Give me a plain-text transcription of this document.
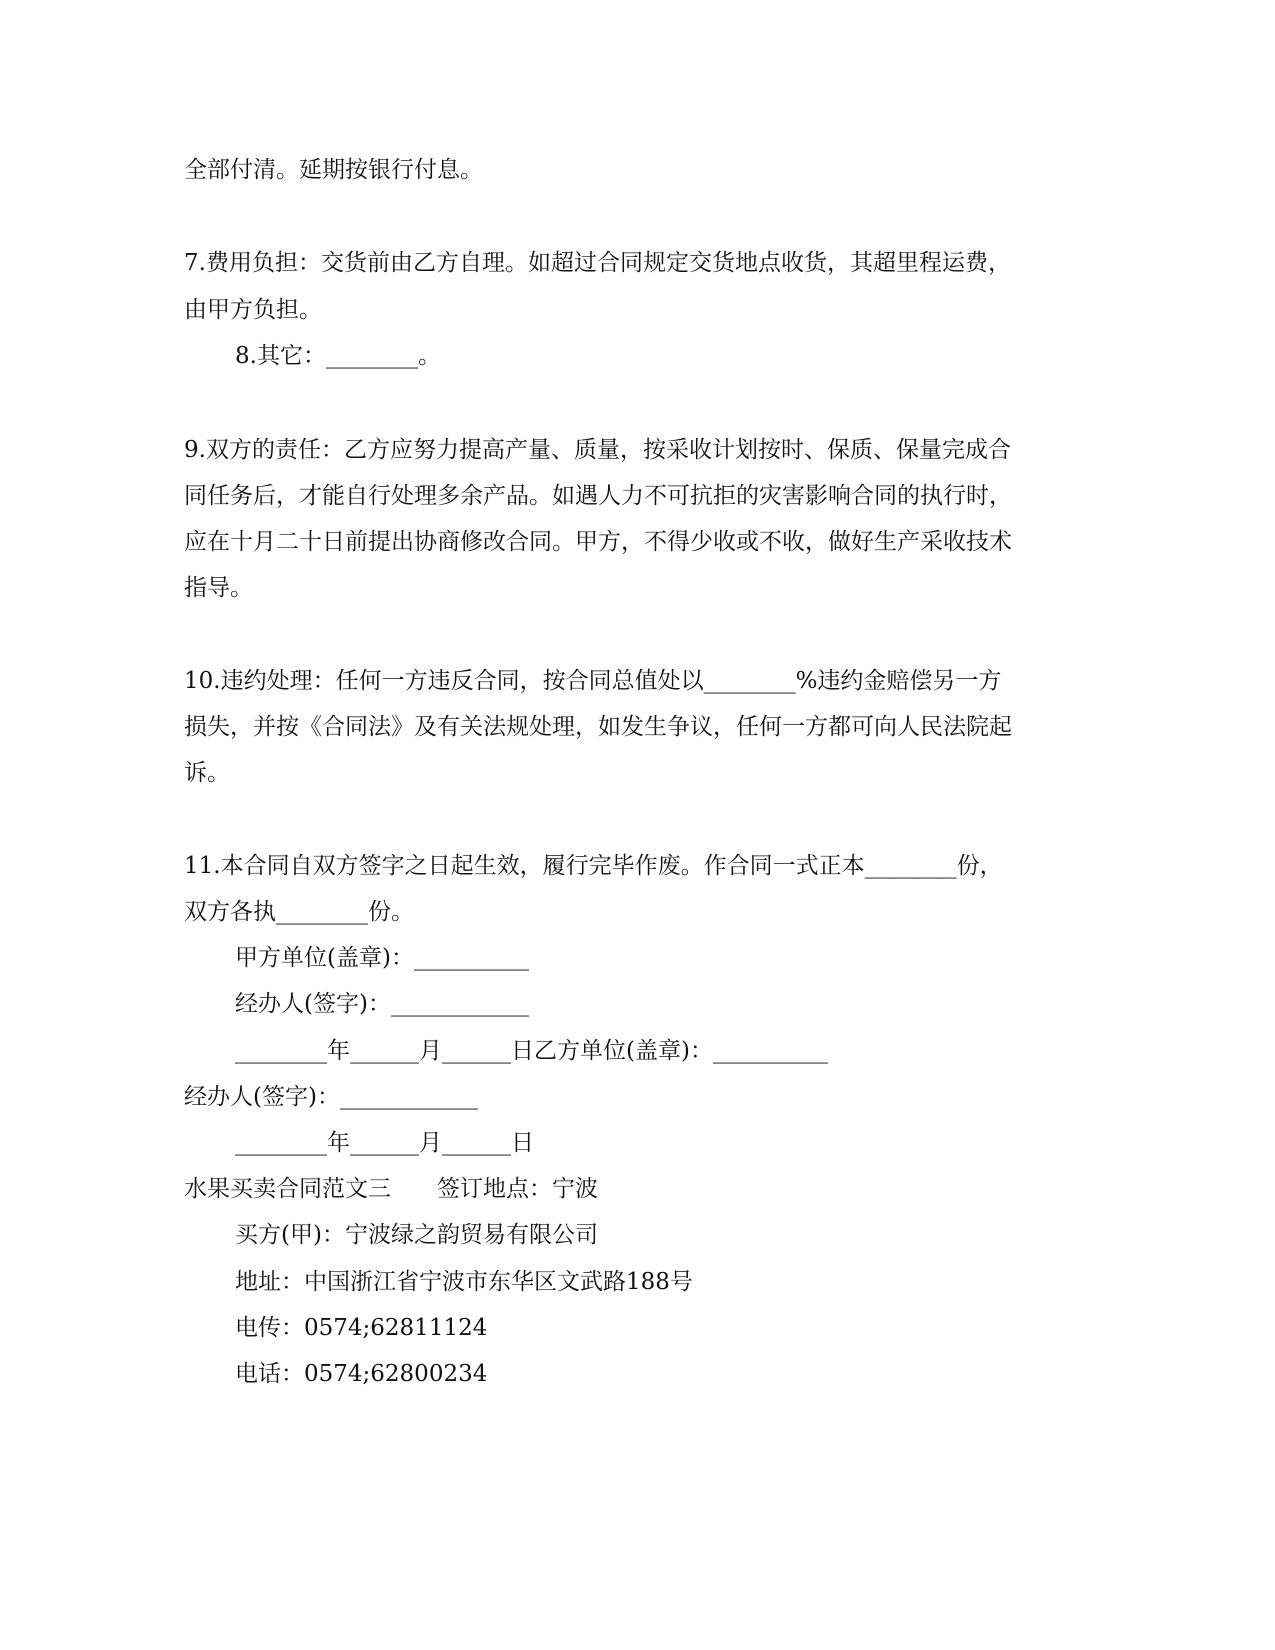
全部付清。延期按银行付息。
7.费用负担：交货前由乙方自理。如超过合同规定交货地点收货，其超里程运费，
由甲方负担。
8.其它：________。
9.双方的责任：乙方应努力提高产量、质量，按采收计划按时、保质、保量完成合
同任务后，才能自行处理多余产品。如遇人力不可抗拒的灾害影响合同的执行时，
应在十月二十日前提出协商修改合同。甲方，不得少收或不收，做好生产采收技术
指导。
10.违约处理：任何一方违反合同，按合同总值处以________%违约金赔偿另一方
损失，并按《合同法》及有关法规处理，如发生争议，任何一方都可向人民法院起
诉。
11.本合同自双方签字之日起生效，履行完毕作废。作合同一式正本________份，
双方各执________份。
甲方单位(盖章)：__________
经办人(签字)：____________
________年______月______日乙方单位(盖章)：__________
经办人(签字)：____________
________年______月______日
水果买卖合同范文三　　签订地点：宁波
买方(甲)：宁波绿之韵贸易有限公司
地址：中国浙江省宁波市东华区文武路188号
电传：0574;62811124
电话：0574;62800234
